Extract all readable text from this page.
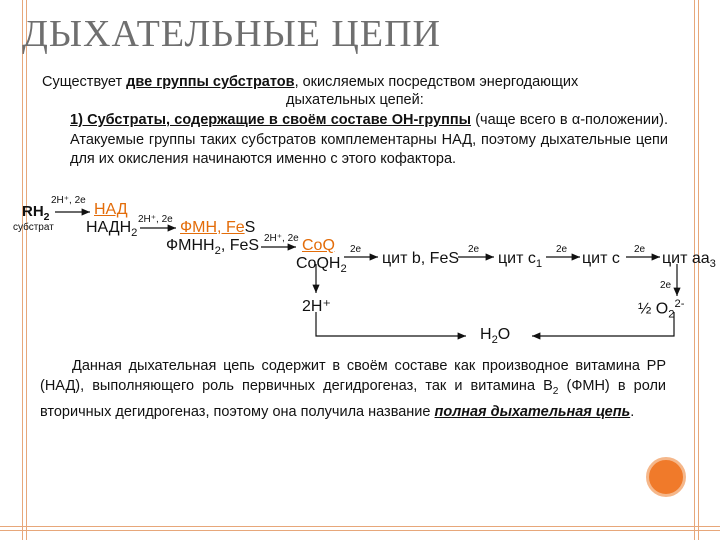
ДЫХАТЕЛЬНЫЕ ЦЕПИ
Существует две группы субстратов, окисляемых посредством энергодающих
дыхательных цепей:
1) Субстраты, содержащие в своём составе ОН-группы (чаще всего в α-положении). Атакуемые группы таких субстратов комплементарны НАД, поэтому дыхательные цепи для их окисления начинаются именно с этого кофактора.
$RH_2$
субстрат
2H⁺, 2e
НАД
$НАДН_2$
2H⁺, 2e ФМН, FeS
$ФМНН_2$, FeS 2H⁺, 2e CoQ
CoQH$_2$
2e
цит b, FeS
2e
цит $c_1$
2e
цит c
2e
цит $aa_3$
2e
2H⁺	½ $O_2^{2-}$
$H_2O$
Данная дыхательная цепь содержит в своём составе как производное витамина PP (НАД), выполняющего роль первичных дегидрогеназ, так и витамина $B_2$ (ФМН) в роли вторичных дегидрогеназ, поэтому она получила название полная дыхательная цепь.
